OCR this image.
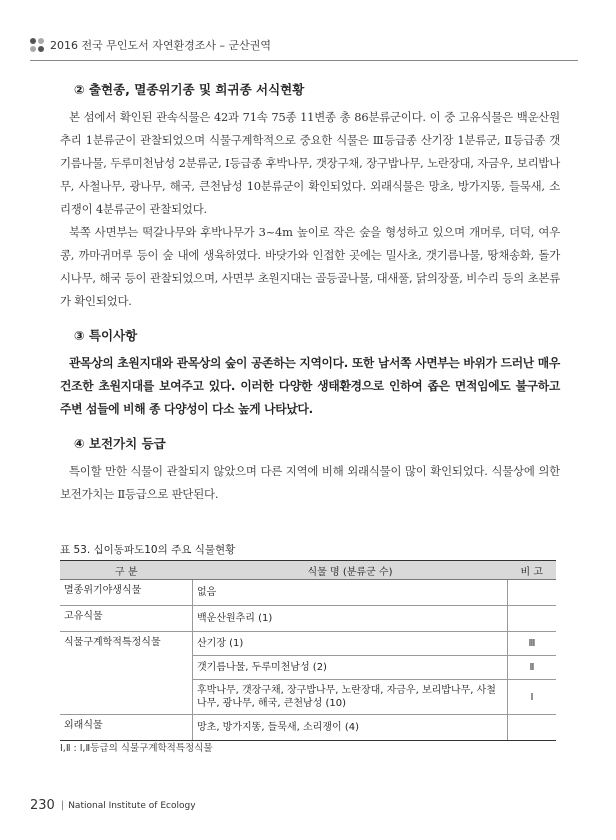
2016 전국 무인도서 자연환경조사 – 군산권역
② 출현종, 멸종위기종 및 희귀종 서식현황

본 섬에서 확인된 관속식물은 42과 71속 75종 11변종 총 86분류군이다. 이 중 고유식물은 백운산원추리 1분류군이 관찰되었으며 식물구계학적으로 중요한 식물은 Ⅲ등급종 산기장 1분류군, Ⅱ등급종 갯기름나물, 두루미천남성 2분류군, Ⅰ등급종 후박나무, 갯장구채, 장구밥나무, 노란장대, 자금우, 보리밥나무, 사철나무, 광나무, 해국, 큰천남성 10분류군이 확인되었다. 외래식물은 망초, 방가지똥, 들묵새, 소리쟁이 4분류군이 관찰되었다.

북쪽 사면부는 떡갈나무와 후박나무가 3~4m 높이로 작은 숲을 형성하고 있으며 개머루, 더덕, 여우콩, 까마귀머루 등이 숲 내에 생육하였다. 바닷가와 인접한 곳에는 밀사초, 갯기름나물, 땅채송화, 돌가시나무, 해국 등이 관찰되었으며, 사면부 초원지대는 골등골나물, 대새풀, 닭의장풀, 비수리 등의 초본류가 확인되었다.

③ 특이사항

관목상의 초원지대와 관목상의 숲이 공존하는 지역이다. 또한 남서쪽 사면부는 바위가 드러난 매우 건조한 초원지대를 보여주고 있다. 이러한 다양한 생태환경으로 인하여 좁은 면적임에도 불구하고 주변 섬들에 비해 종 다양성이 다소 높게 나타났다.

④ 보전가치 등급

특이할 만한 식물이 관찰되지 않았으며 다른 지역에 비해 외래식물이 많이 확인되었다. 식물상에 의한 보전가치는 Ⅱ등급으로 판단된다.

표 53. 십이동파도10의 주요 식물현황
구 분	식물 명 (분류군 수)	비 고
멸종위기야생식물	없음	
고유식물	백운산원추리 (1)	
식물구계학적특정식물	산기장 (1)	Ⅲ
	갯기름나물, 두루미천남성 (2)	Ⅱ
	후박나무, 갯장구채, 장구밥나무, 노란장대, 자금우, 보리밥나무, 사철나무, 광나무, 해국, 큰천남성 (10)	Ⅰ
외래식물	망초, 방가지똥, 들묵새, 소리쟁이 (4)	
Ⅰ,Ⅱ : Ⅰ,Ⅱ등급의 식물구계학적특정식물
230 | National Institute of Ecology
